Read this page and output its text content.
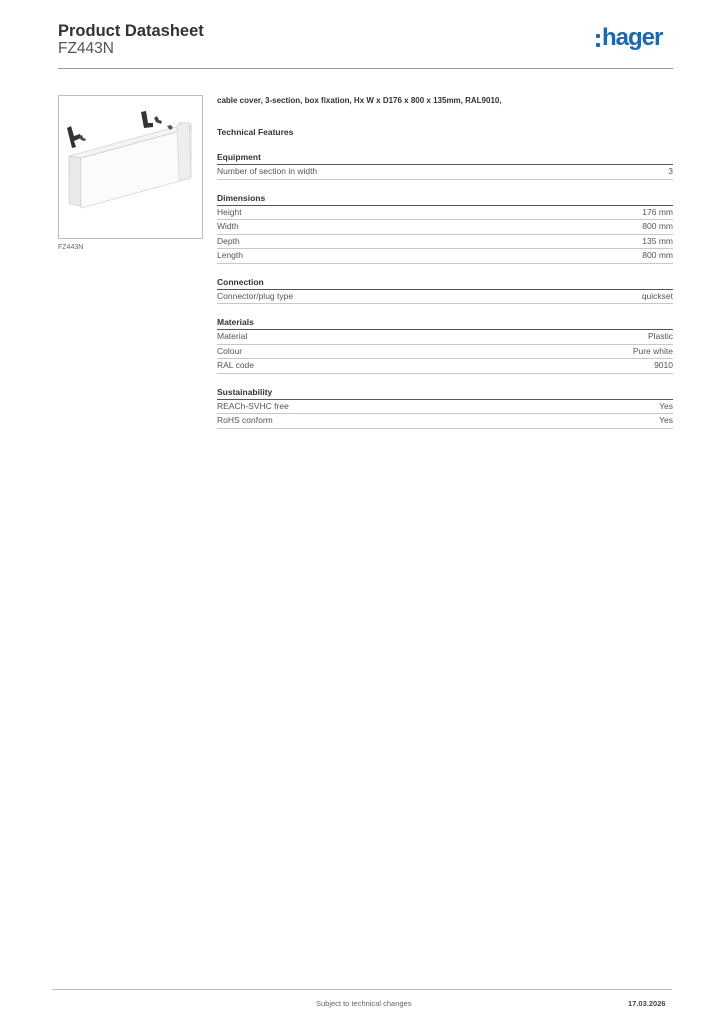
Product Datasheet
FZ443N	hager
FZ443N
cable cover, 3-section, box fixation, Hx W x D176 x 800 x 135mm, RAL9010,
Technical Features
Equipment
Number of section in width	3
Dimensions
Height	176 mm
Width	800 mm
Depth	135 mm
Length	800 mm
Connection
Connector/plug type	quickset
Materials
Material	Plastic
Colour	Pure white
RAL code	9010
Sustainability
REACh-SVHC free	Yes
RoHS conform	Yes
Subject to technical changes	17.03.2026
